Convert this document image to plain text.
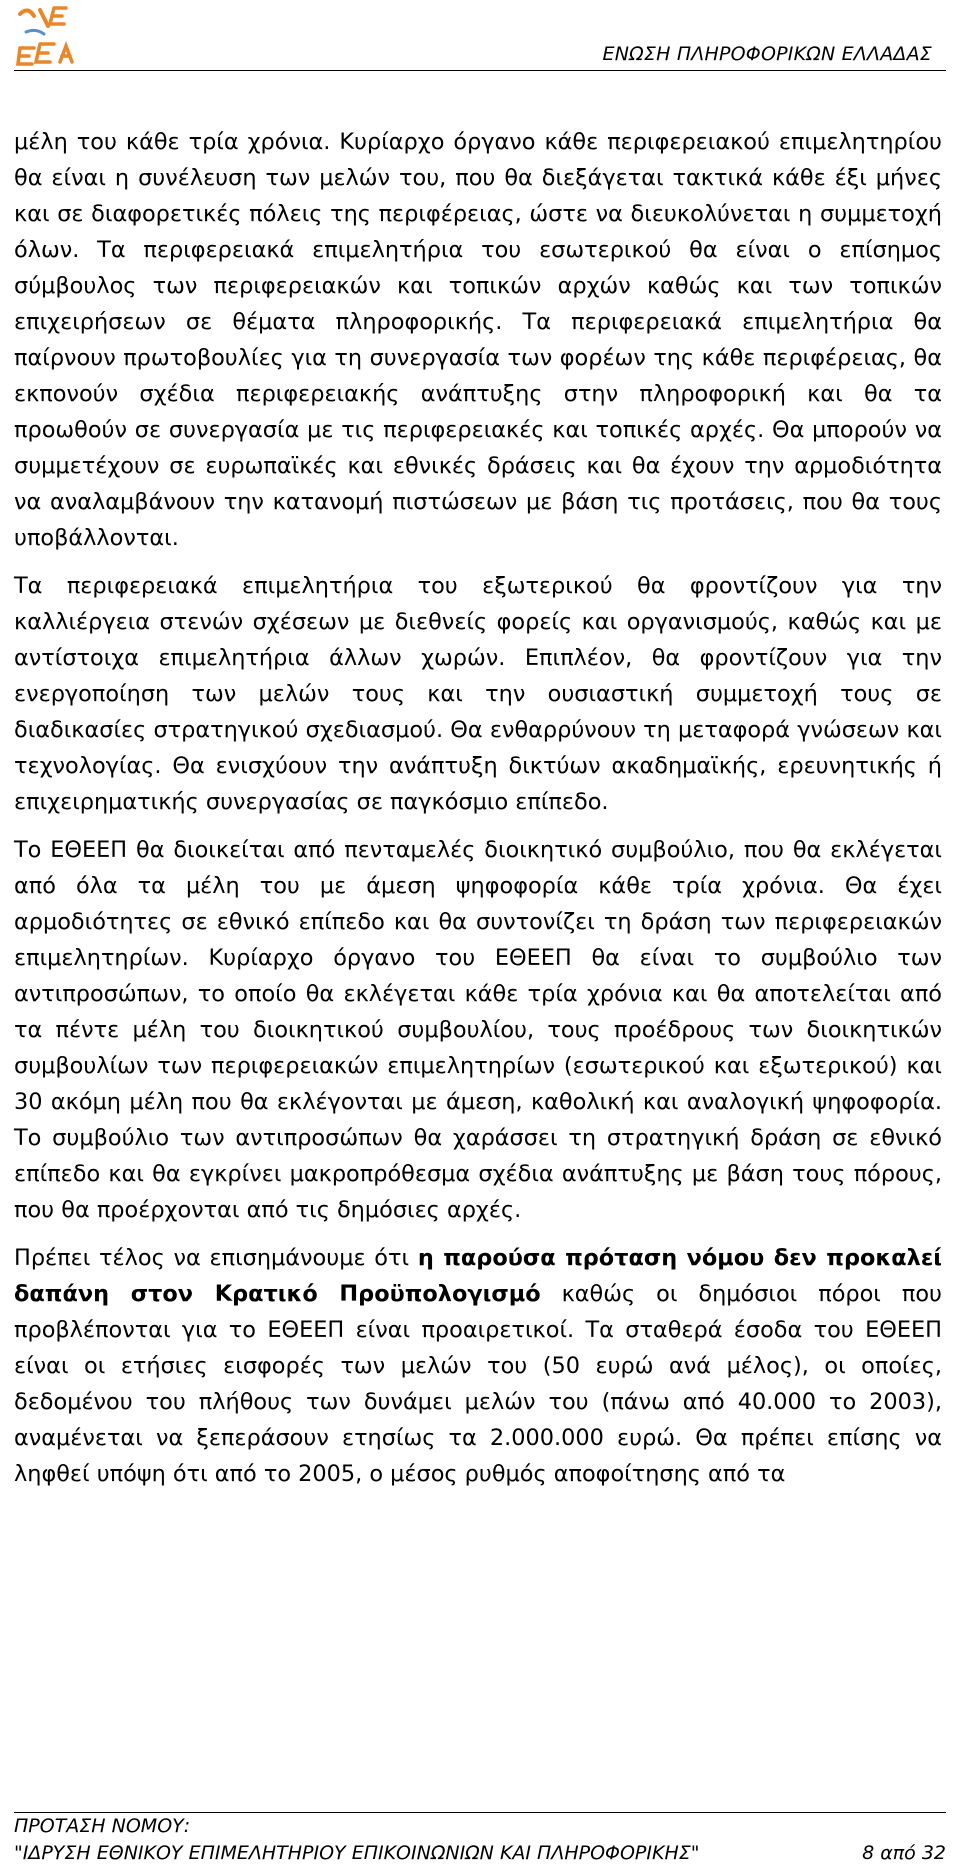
ΕΝΩΣΗ ΠΛΗΡΟΦΟΡΙΚΩΝ ΕΛΛΑΔΑΣ

μέλη του κάθε τρία χρόνια. Κυρίαρχο όργανο κάθε περιφερειακού επιμελητηρίου θα είναι η συνέλευση των μελών του, που θα διεξάγεται τακτικά κάθε έξι μήνες και σε διαφορετικές πόλεις της περιφέρειας, ώστε να διευκολύνεται η συμμετοχή όλων. Τα περιφερειακά επιμελητήρια του εσωτερικού θα είναι ο επίσημος σύμβουλος των περιφερειακών και τοπικών αρχών καθώς και των τοπικών επιχειρήσεων σε θέματα πληροφορικής. Τα περιφερειακά επιμελητήρια θα παίρνουν πρωτοβουλίες για τη συνεργασία των φορέων της κάθε περιφέρειας, θα εκπονούν σχέδια περιφερειακής ανάπτυξης στην πληροφορική και θα τα προωθούν σε συνεργασία με τις περιφερειακές και τοπικές αρχές. Θα μπορούν να συμμετέχουν σε ευρωπαϊκές και εθνικές δράσεις και θα έχουν την αρμοδιότητα να αναλαμβάνουν την κατανομή πιστώσεων με βάση τις προτάσεις, που θα τους υποβάλλονται.

Τα περιφερειακά επιμελητήρια του εξωτερικού θα φροντίζουν για την καλλιέργεια στενών σχέσεων με διεθνείς φορείς και οργανισμούς, καθώς και με αντίστοιχα επιμελητήρια άλλων χωρών. Επιπλέον, θα φροντίζουν για την ενεργοποίηση των μελών τους και την ουσιαστική συμμετοχή τους σε διαδικασίες στρατηγικού σχεδιασμού. Θα ενθαρρύνουν τη μεταφορά γνώσεων και τεχνολογίας. Θα ενισχύουν την ανάπτυξη δικτύων ακαδημαϊκής, ερευνητικής ή επιχειρηματικής συνεργασίας σε παγκόσμιο επίπεδο.

Το ΕΘΕΕΠ θα διοικείται από πενταμελές διοικητικό συμβούλιο, που θα εκλέγεται από όλα τα μέλη του με άμεση ψηφοφορία κάθε τρία χρόνια. Θα έχει αρμοδιότητες σε εθνικό επίπεδο και θα συντονίζει τη δράση των περιφερειακών επιμελητηρίων. Κυρίαρχο όργανο του ΕΘΕΕΠ θα είναι το συμβούλιο των αντιπροσώπων, το οποίο θα εκλέγεται κάθε τρία χρόνια και θα αποτελείται από τα πέντε μέλη του διοικητικού συμβουλίου, τους προέδρους των διοικητικών συμβουλίων των περιφερειακών επιμελητηρίων (εσωτερικού και εξωτερικού) και 30 ακόμη μέλη που θα εκλέγονται με άμεση, καθολική και αναλογική ψηφοφορία. Το συμβούλιο των αντιπροσώπων θα χαράσσει τη στρατηγική δράση σε εθνικό επίπεδο και θα εγκρίνει μακροπρόθεσμα σχέδια ανάπτυξης με βάση τους πόρους, που θα προέρχονται από τις δημόσιες αρχές.

Πρέπει τέλος να επισημάνουμε ότι η παρούσα πρόταση νόμου δεν προκαλεί δαπάνη στον Κρατικό Προϋπολογισμό καθώς οι δημόσιοι πόροι που προβλέπονται για το ΕΘΕΕΠ είναι προαιρετικοί. Τα σταθερά έσοδα του ΕΘΕΕΠ είναι οι ετήσιες εισφορές των μελών του (50 ευρώ ανά μέλος), οι οποίες, δεδομένου του πλήθους των δυνάμει μελών του (πάνω από 40.000 το 2003), αναμένεται να ξεπεράσουν ετησίως τα 2.000.000 ευρώ. Θα πρέπει επίσης να ληφθεί υπόψη ότι από το 2005, ο μέσος ρυθμός αποφοίτησης από τα

ΠΡΟΤΑΣΗ ΝΟΜΟΥ:
"ΙΔΡΥΣΗ ΕΘΝΙΚΟΥ ΕΠΙΜΕΛΗΤΗΡΙΟΥ ΕΠΙΚΟΙΝΩΝΙΩΝ ΚΑΙ ΠΛΗΡΟΦΟΡΙΚΗΣ"	8 από 32
